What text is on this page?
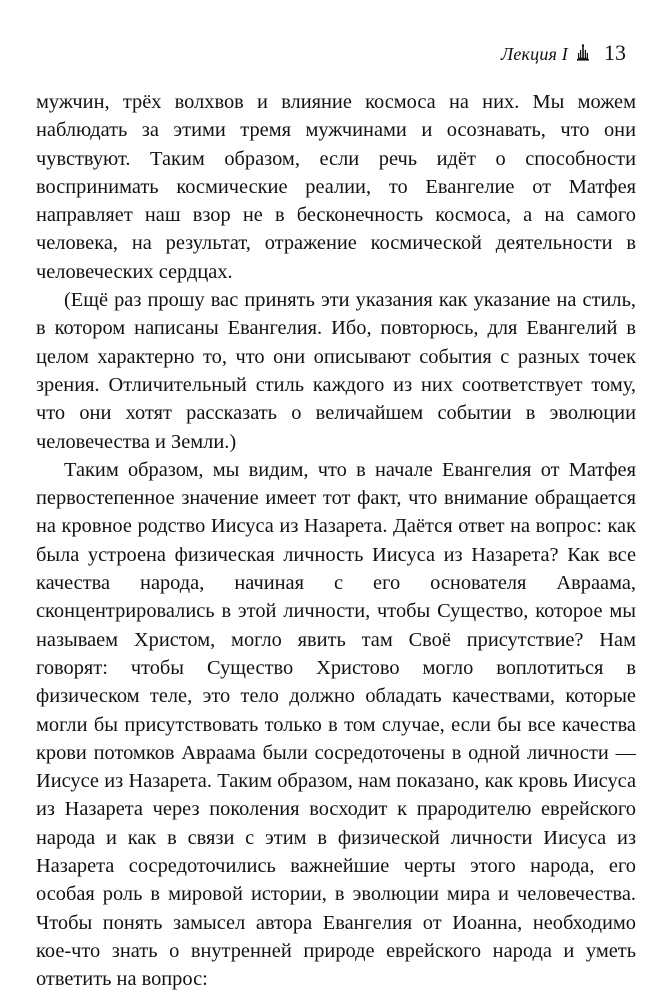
Лекция I 13

мужчин, трёх волхвов и влияние космоса на них. Мы можем наблюдать за этими тремя мужчинами и осознавать, что они чувствуют. Таким образом, если речь идёт о способности воспринимать космические реалии, то Евангелие от Матфея направляет наш взор не в бесконечность космоса, а на самого человека, на результат, отражение космической деятельности в человеческих сердцах.

(Ещё раз прошу вас принять эти указания как указание на стиль, в котором написаны Евангелия. Ибо, повторюсь, для Евангелий в целом характерно то, что они описывают события с разных точек зрения. Отличительный стиль каждого из них соответствует тому, что они хотят рассказать о величайшем событии в эволюции человечества и Земли.)

Таким образом, мы видим, что в начале Евангелия от Матфея первостепенное значение имеет тот факт, что внимание обращается на кровное родство Иисуса из Назарета. Даётся ответ на вопрос: как была устроена физическая личность Иисуса из Назарета? Как все качества народа, начиная с его основателя Авраама, сконцентрировались в этой личности, чтобы Существо, которое мы называем Христом, могло явить там Своё присутствие? Нам говорят: чтобы Существо Христово могло воплотиться в физическом теле, это тело должно обладать качествами, которые могли бы присутствовать только в том случае, если бы все качества крови потомков Авраама были сосредоточены в одной личности — Иисусе из Назарета. Таким образом, нам показано, как кровь Иисуса из Назарета через поколения восходит к прародителю еврейского народа и как в связи с этим в физической личности Иисуса из Назарета сосредоточились важнейшие черты этого народа, его особая роль в мировой истории, в эволюции мира и человечества. Чтобы понять замысел автора Евангелия от Иоанна, необходимо кое-что знать о внутренней природе еврейского народа и уметь ответить на вопрос:
